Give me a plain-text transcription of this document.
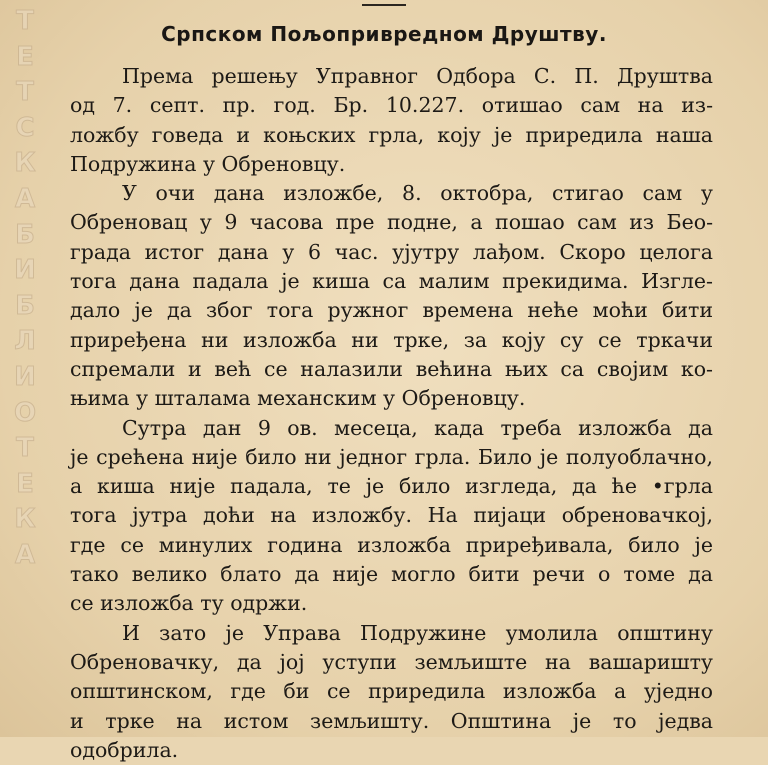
Т
Е
Т
С
К
А
Б
И
Б
Л
И
О
Т
Е
К
А
Српском Пољопривредном Друштву.
Према решењу Управног Одбора С. П. Друштва
од 7. септ. пр. год. Бр. 10.227. отишао сам на из-
ложбу говеда и коњских грла, коју је приредила наша
Подружина у Обреновцу.
У очи дана изложбе, 8. октобра, стигао сам у
Обреновац у 9 часова пре подне, а пошао сам из Бео-
града истог дана у 6 час. ујутру лађом. Скоро целога
тога дана падала је киша са малим прекидима. Изгле-
дало је да због тога ружног времена неће моћи бити
приређена ни изложба ни трке, за коју су се тркачи
спремали и већ се налазили већина њих са својим ко-
њима у шталама механским у Обреновцу.
Сутра дан 9 ов. месеца, када треба изложба да
је срећена није било ни једног грла. Било је полуоблачно,
а киша није падала, те је било изгледа, да ће •грла
тога јутра доћи на изложбу. На пијаци обреновачкој,
где се минулих година изложба приређивала, било је
тако велико блато да није могло бити речи о томе да
се изложба ту одржи.
И зато је Управа Подружине умолила општину
Обреновачку, да јој уступи земљиште на вашаришту
општинском, где би се приредила изложба а уједно
и трке на истом земљишту. Општина је то једва
одобрила.
